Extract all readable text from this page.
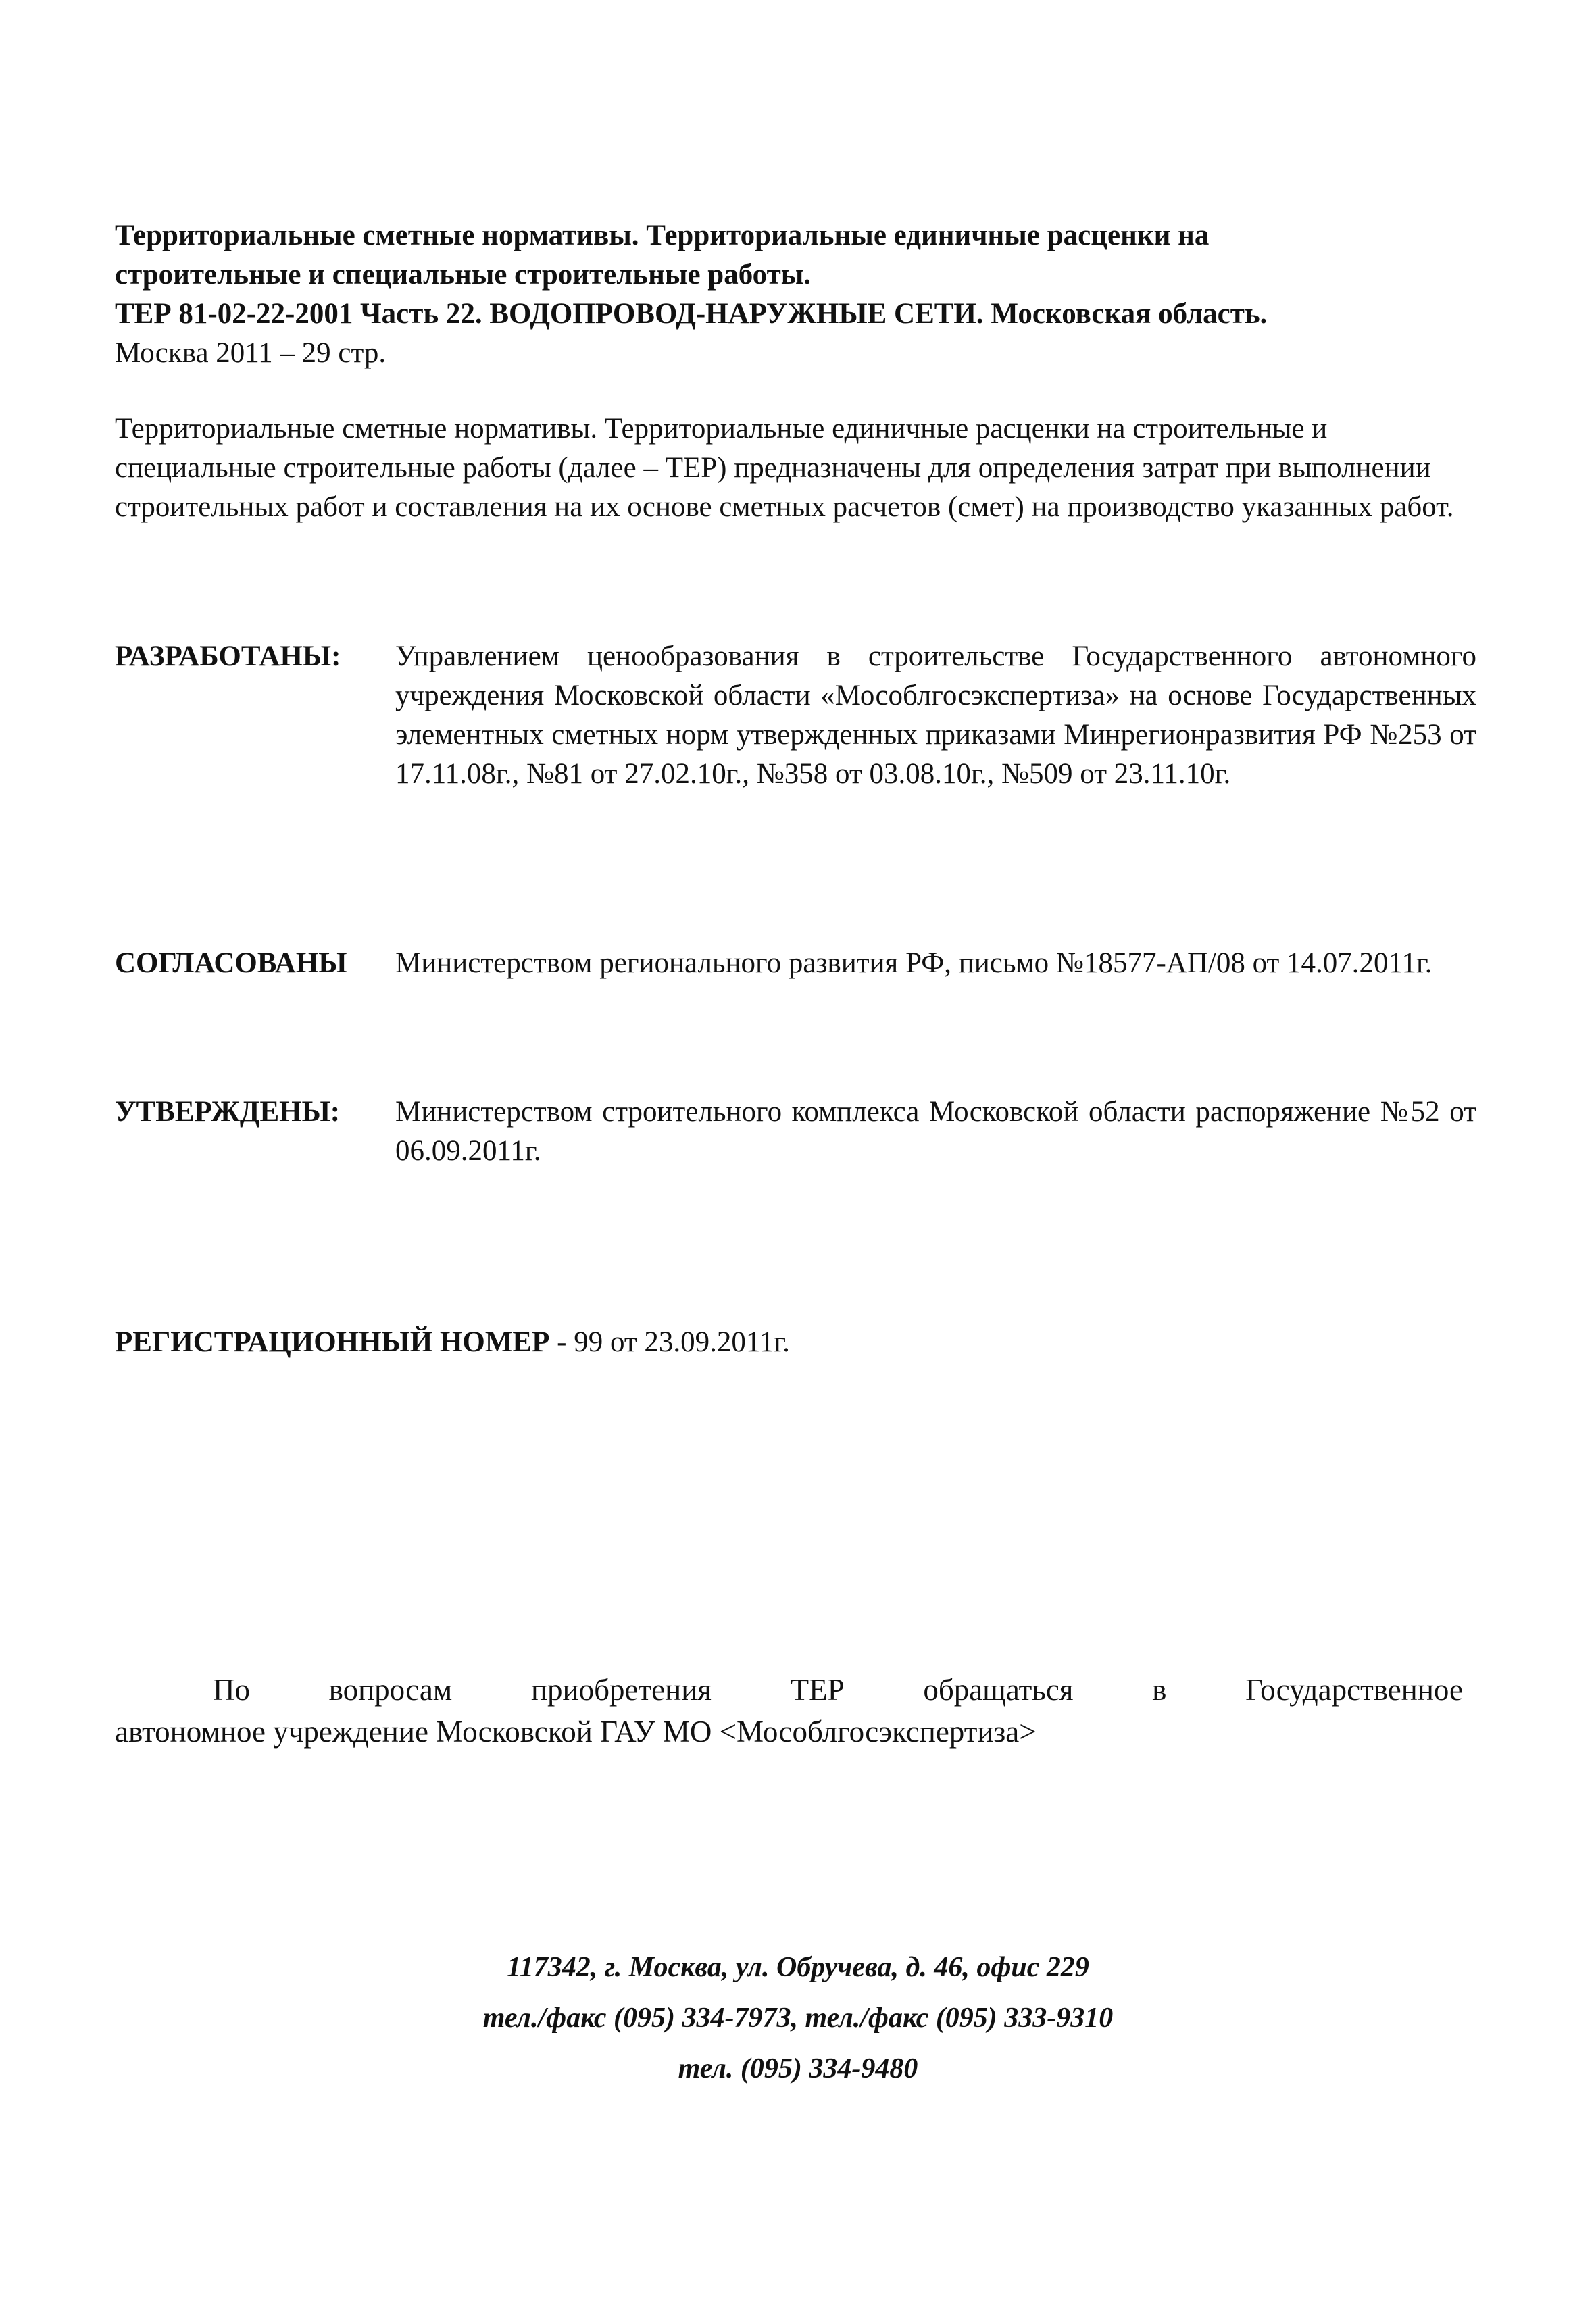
Территориальные сметные нормативы. Территориальные единичные расценки на
строительные и специальные строительные работы.
ТЕР 81-02-22-2001 Часть 22. ВОДОПРОВОД-НАРУЖНЫЕ СЕТИ. Московская область.
Москва 2011 – 29 стр.
Территориальные сметные нормативы. Территориальные единичные расценки на строительные и специальные строительные работы (далее – ТЕР) предназначены для определения затрат при выполнении строительных работ и составления на их основе сметных расчетов (смет) на производство указанных работ.
РАЗРАБОТАНЫ: Управлением ценообразования в строительстве Государственного автономного учреждения Московской области «Мособлгосэкспертиза» на основе Государственных элементных сметных норм утвержденных приказами Минрегионразвития РФ №253 от 17.11.08г., №81 от 27.02.10г., №358 от 03.08.10г., №509 от 23.11.10г.
СОГЛАСОВАНЫ Министерством регионального развития РФ, письмо №18577-АП/08 от 14.07.2011г.
УТВЕРЖДЕНЫ: Министерством строительного комплекса Московской области распоряжение №52 от 06.09.2011г.
РЕГИСТРАЦИОННЫЙ НОМЕР - 99 от 23.09.2011г.
По	вопросам	приобретения	ТЕР	обращаться	в	Государственное
автономное учреждение Московской ГАУ МО <Мособлгосэкспертиза>
117342, г. Москва, ул. Обручева, д. 46, офис 229
тел./факс (095) 334-7973, тел./факс (095) 333-9310
тел. (095) 334-9480
